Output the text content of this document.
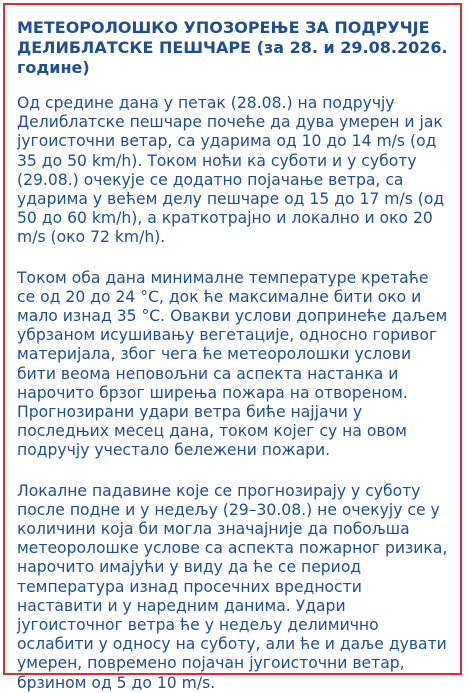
МЕТЕОРОЛОШКО УПОЗОРЕЊЕ ЗА ПОДРУЧЈЕ ДЕЛИБЛАТСКЕ ПЕШЧАРЕ (за 28. и 29.08.2026. године)

Од средине дана у петак (28.08.) на подручју Делиблатске пешчаре почеће да дува умерен и јак југоисточни ветар, са ударима од 10 до 14 m/s (од 35 до 50 km/h). Током ноћи ка суботи и у суботу (29.08.) очекује се додатно појачање ветра, са ударима у већем делу пешчаре од 15 до 17 m/s (од 50 до 60 km/h), а краткотрајно и локално и око 20 m/s (око 72 km/h).

Током оба дана минималне температуре кретаће се од 20 до 24 °C, док ће максималне бити око и мало изнад 35 °C. Овакви услови допринеће даљем убрзаном исушивању вегетације, односно горивог материјала, због чега ће метеоролошки услови бити веома неповољни са аспекта настанка и нарочито брзог ширења пожара на отвореном. Прогнозирани удари ветра биће најјачи у последњих месец дана, током којег су на овом подручју учестало бележени пожари.

Локалне падавине које се прогнозирају у суботу после подне и у недељу (29–30.08.) не очекују се у количини која би могла значајније да побољша метеоролошке услове са аспекта пожарног ризика, нарочито имајући у виду да ће се период температура изнад просечних вредности наставити и у наредним данима. Удари југоисточног ветра ће у недељу делимично ослабити у односу на суботу, али ће и даље дувати умерен, повремено појачан југоисточни ветар, брзином од 5 до 10 m/s.
